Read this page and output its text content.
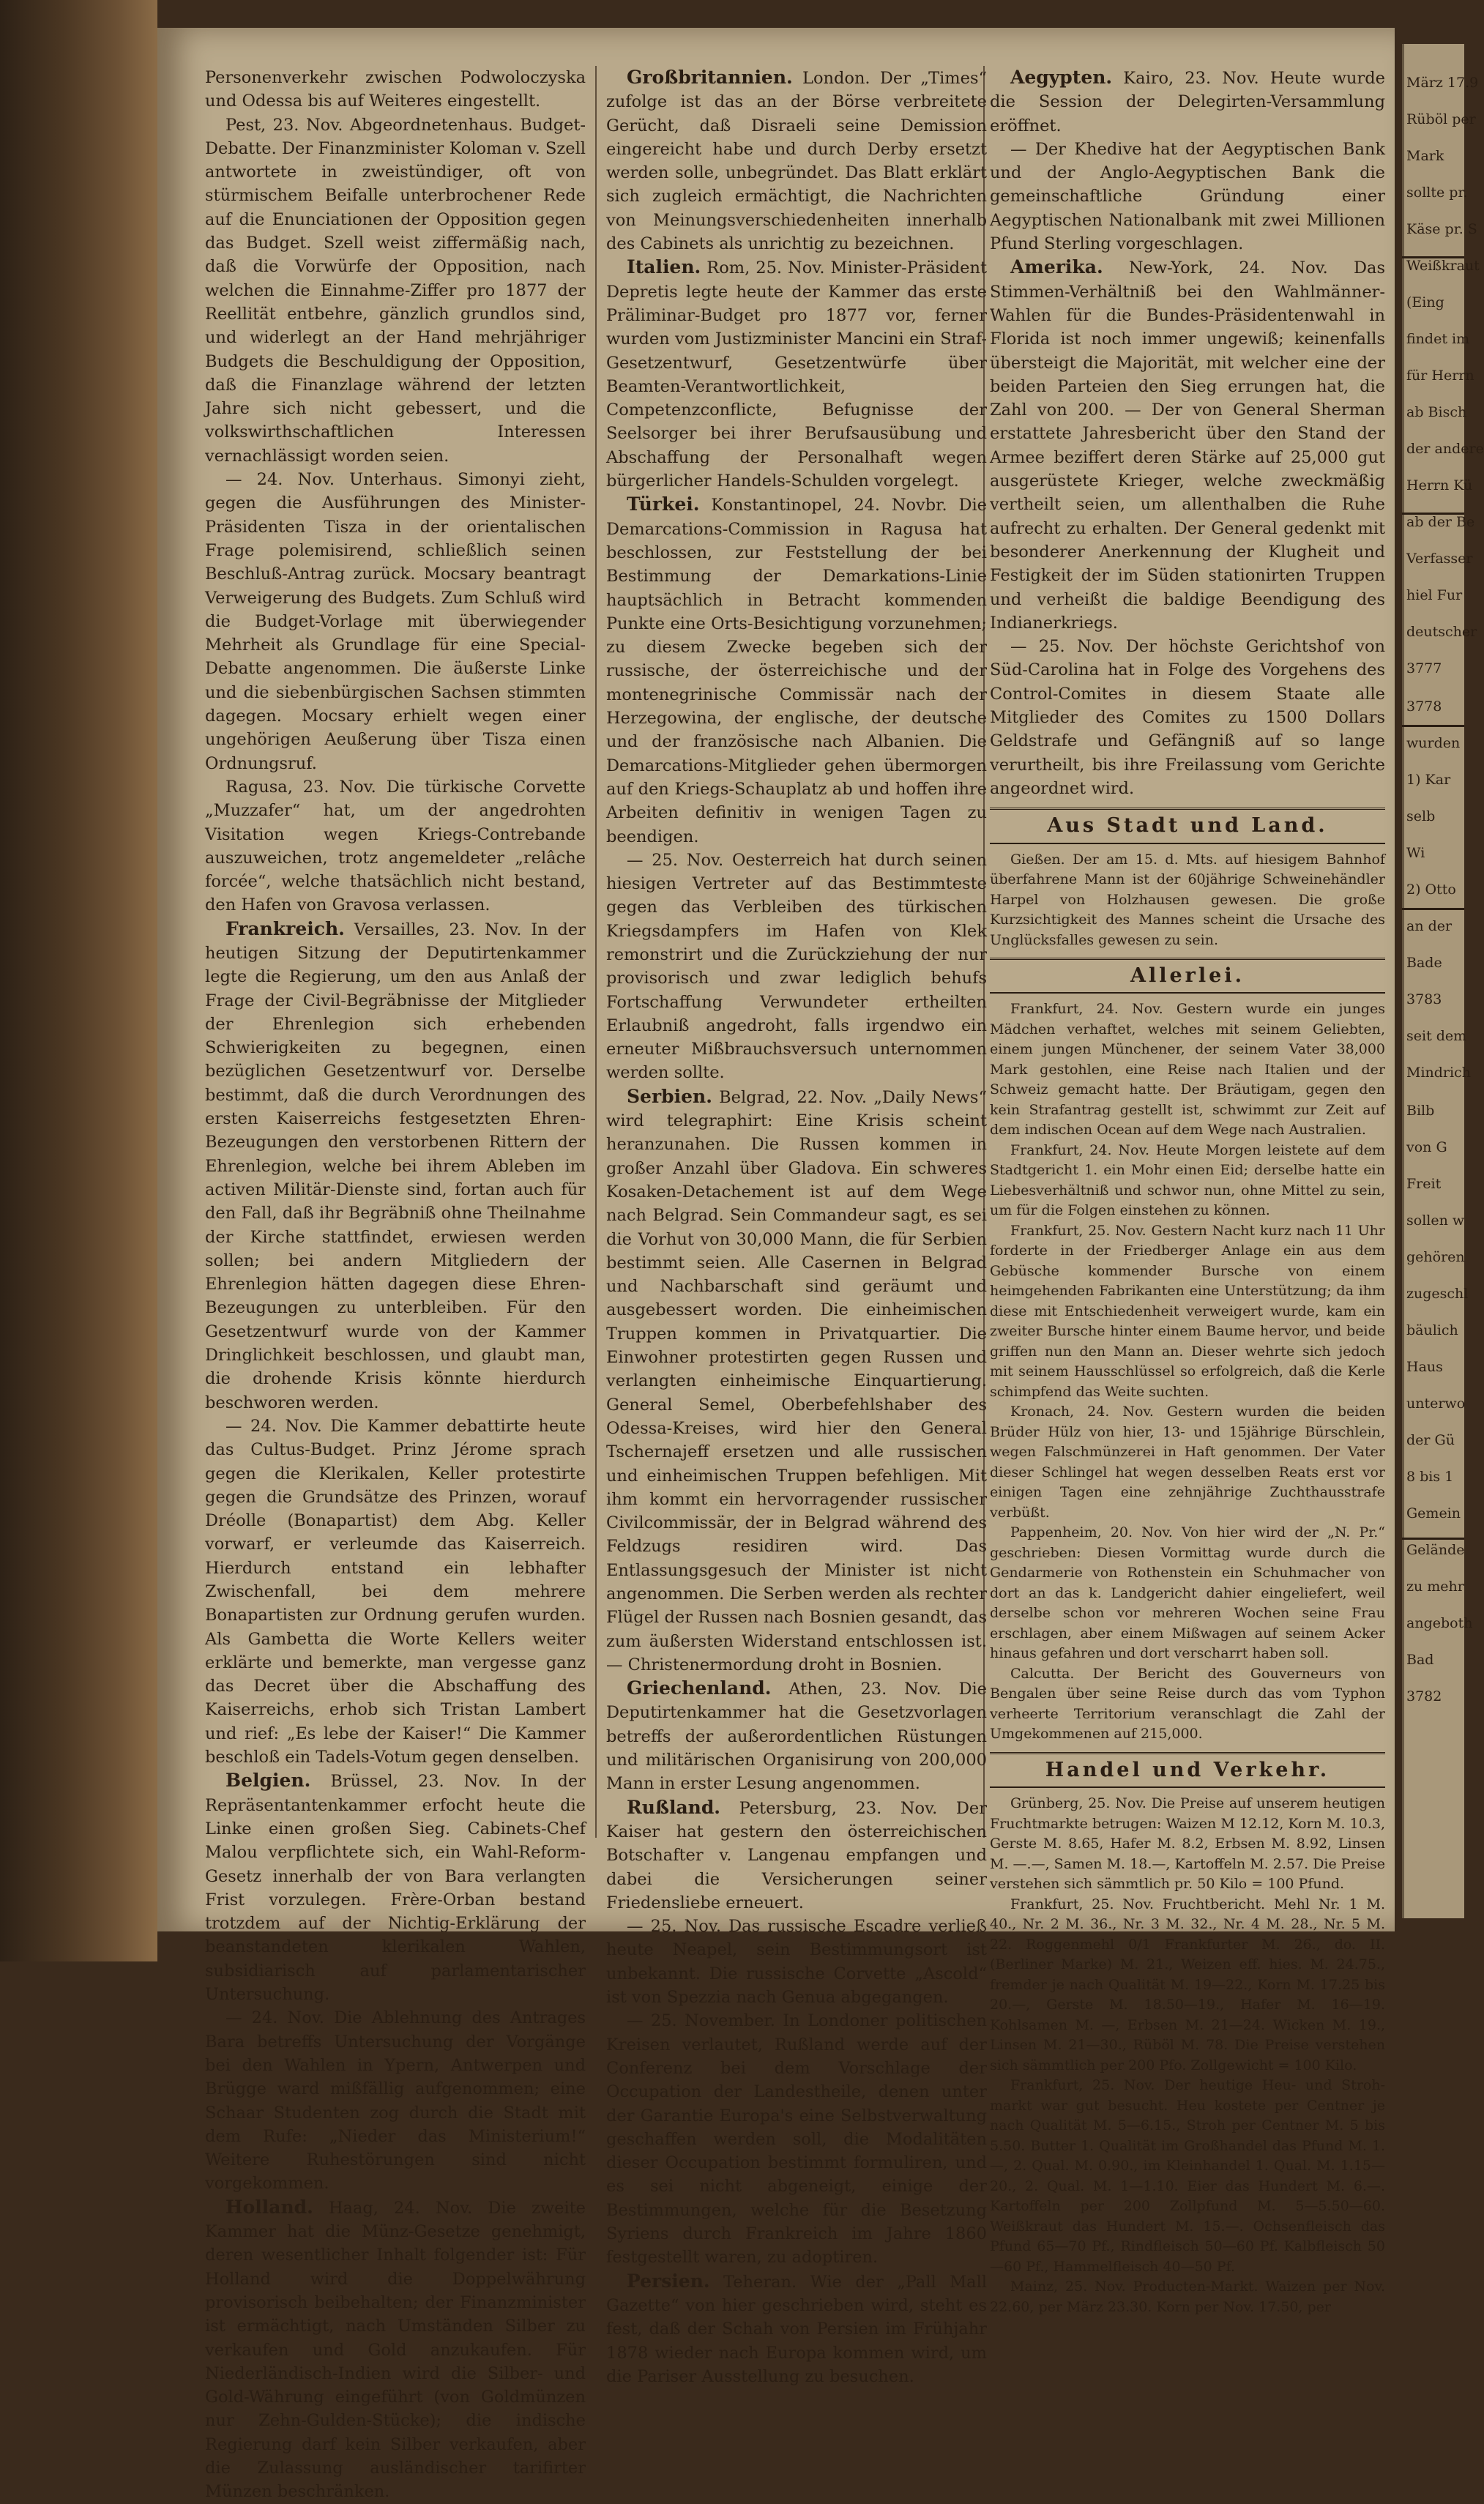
Personenverkehr zwischen Podwoloczyska und Odessa bis auf Weiteres eingestellt.

Pest, 23. Nov. Abgeordnetenhaus. Budget-Debatte. Der Finanzminister Koloman v. Szell antwortete in zweistündiger, oft von stürmischem Beifalle unterbrochener Rede auf die Enunciationen der Opposition gegen das Budget. Szell weist ziffermäßig nach, daß die Vorwürfe der Opposition, nach welchen die Einnahme-Ziffer pro 1877 der Reellität entbehre, gänzlich grundlos sind, und widerlegt an der Hand mehrjähriger Budgets die Beschuldigung der Opposition, daß die Finanzlage während der letzten Jahre sich nicht gebessert, und die volkswirthschaftlichen Interessen vernachlässigt worden seien.

— 24. Nov. Unterhaus. Simonyi zieht, gegen die Ausführungen des Minister-Präsidenten Tisza in der orientalischen Frage polemisirend, schließlich seinen Beschluß-Antrag zurück. Mocsary beantragt Verweigerung des Budgets. Zum Schluß wird die Budget-Vorlage mit überwiegender Mehrheit als Grundlage für eine Special-Debatte angenommen. Die äußerste Linke und die siebenbürgischen Sachsen stimmten dagegen. Mocsary erhielt wegen einer ungehörigen Aeußerung über Tisza einen Ordnungsruf.

Ragusa, 23. Nov. Die türkische Corvette „Muzzafer“ hat, um der angedrohten Visitation wegen Kriegs-Contrebande auszuweichen, trotz angemeldeter „relâche forcée“, welche thatsächlich nicht bestand, den Hafen von Gravosa verlassen.

Frankreich. Versailles, 23. Nov. In der heutigen Sitzung der Deputirtenkammer legte die Regierung, um den aus Anlaß der Frage der Civil-Begräbnisse der Mitglieder der Ehrenlegion sich erhebenden Schwierigkeiten zu begegnen, einen bezüglichen Gesetzentwurf vor. Derselbe bestimmt, daß die durch Verordnungen des ersten Kaiserreichs festgesetzten Ehren-Bezeugungen den verstorbenen Rittern der Ehrenlegion, welche bei ihrem Ableben im activen Militär-Dienste sind, fortan auch für den Fall, daß ihr Begräbniß ohne Theilnahme der Kirche stattfindet, erwiesen werden sollen; bei andern Mitgliedern der Ehrenlegion hätten dagegen diese Ehren-Bezeugungen zu unterbleiben. Für den Gesetzentwurf wurde von der Kammer Dringlichkeit beschlossen, und glaubt man, die drohende Krisis könnte hierdurch beschworen werden.

— 24. Nov. Die Kammer debattirte heute das Cultus-Budget. Prinz Jérome sprach gegen die Klerikalen, Keller protestirte gegen die Grundsätze des Prinzen, worauf Dréolle (Bonapartist) dem Abg. Keller vorwarf, er verleumde das Kaiserreich. Hierdurch entstand ein lebhafter Zwischenfall, bei dem mehrere Bonapartisten zur Ordnung gerufen wurden. Als Gambetta die Worte Kellers weiter erklärte und bemerkte, man vergesse ganz das Decret über die Abschaffung des Kaiserreichs, erhob sich Tristan Lambert und rief: „Es lebe der Kaiser!“ Die Kammer beschloß ein Tadels-Votum gegen denselben.

Belgien. Brüssel, 23. Nov. In der Repräsentantenkammer erfocht heute die Linke einen großen Sieg. Cabinets-Chef Malou verpflichtete sich, ein Wahl-Reform-Gesetz innerhalb der von Bara verlangten Frist vorzulegen. Frère-Orban bestand trotzdem auf der Nichtig-Erklärung der beanstandeten klerikalen Wahlen, subsidiarisch auf parlamentarischer Untersuchung.

— 24. Nov. Die Ablehnung des Antrages Bara betreffs Untersuchung der Vorgänge bei den Wahlen in Ypern, Antwerpen und Brügge ward mißfällig aufgenommen; eine Schaar Studenten zog durch die Stadt mit dem Rufe: „Nieder das Ministerium!“ Weitere Ruhestörungen sind nicht vorgekommen.

Holland. Haag, 24. Nov. Die zweite Kammer hat die Münz-Gesetze genehmigt, deren wesentlicher Inhalt folgender ist: Für Holland wird die Doppelwährung provisorisch beibehalten; der Finanzminister ist ermächtigt, nach Umständen Silber zu verkaufen und Gold anzukaufen. Für Niederländisch-Indien wird die Silber- und Gold-Währung eingeführt (von Goldmünzen nur Zehn-Gulden-Stücke); die indische Regierung darf kein Silber verkaufen, aber die Zulassung ausländischer tarifirter Münzen beschränken.

Großbritannien. London. Der „Times“ zufolge ist das an der Börse verbreitete Gerücht, daß Disraeli seine Demission eingereicht habe und durch Derby ersetzt werden solle, unbegründet. Das Blatt erklärt sich zugleich ermächtigt, die Nachrichten von Meinungsverschiedenheiten innerhalb des Cabinets als unrichtig zu bezeichnen.

Italien. Rom, 25. Nov. Minister-Präsident Depretis legte heute der Kammer das erste Präliminar-Budget pro 1877 vor, ferner wurden vom Justizminister Mancini ein Straf-Gesetzentwurf, Gesetzentwürfe über Beamten-Verantwortlichkeit, Competenzconflicte, Befugnisse der Seelsorger bei ihrer Berufsausübung und Abschaffung der Personalhaft wegen bürgerlicher Handels-Schulden vorgelegt.

Türkei. Konstantinopel, 24. Novbr. Die Demarcations-Commission in Ragusa hat beschlossen, zur Feststellung der bei Bestimmung der Demarkations-Linie hauptsächlich in Betracht kommenden Punkte eine Orts-Besichtigung vorzunehmen; zu diesem Zwecke begeben sich der russische, der österreichische und der montenegrinische Commissär nach der Herzegowina, der englische, der deutsche und der französische nach Albanien. Die Demarcations-Mitglieder gehen übermorgen auf den Kriegs-Schauplatz ab und hoffen ihre Arbeiten definitiv in wenigen Tagen zu beendigen.

— 25. Nov. Oesterreich hat durch seinen hiesigen Vertreter auf das Bestimmteste gegen das Verbleiben des türkischen Kriegsdampfers im Hafen von Klek remonstrirt und die Zurückziehung der nur provisorisch und zwar lediglich behufs Fortschaffung Verwundeter ertheilten Erlaubniß angedroht, falls irgendwo ein erneuter Mißbrauchsversuch unternommen werden sollte.

Serbien. Belgrad, 22. Nov. „Daily News“ wird telegraphirt: Eine Krisis scheint heranzunahen. Die Russen kommen in großer Anzahl über Gladova. Ein schweres Kosaken-Detachement ist auf dem Wege nach Belgrad. Sein Commandeur sagt, es sei die Vorhut von 30,000 Mann, die für Serbien bestimmt seien. Alle Casernen in Belgrad und Nachbarschaft sind geräumt und ausgebessert worden. Die einheimischen Truppen kommen in Privatquartier. Die Einwohner protestirten gegen Russen und verlangten einheimische Einquartierung. General Semel, Oberbefehlshaber des Odessa-Kreises, wird hier den General Tschernajeff ersetzen und alle russischen und einheimischen Truppen befehligen. Mit ihm kommt ein hervorragender russischer Civilcommissär, der in Belgrad während des Feldzugs residiren wird. Das Entlassungsgesuch der Minister ist nicht angenommen. Die Serben werden als rechter Flügel der Russen nach Bosnien gesandt, das zum äußersten Widerstand entschlossen ist. — Christenermordung droht in Bosnien.

Griechenland. Athen, 23. Nov. Die Deputirtenkammer hat die Gesetzvorlagen betreffs der außerordentlichen Rüstungen und militärischen Organisirung von 200,000 Mann in erster Lesung angenommen.

Rußland. Petersburg, 23. Nov. Der Kaiser hat gestern den österreichischen Botschafter v. Langenau empfangen und dabei die Versicherungen seiner Friedensliebe erneuert.

— 25. Nov. Das russische Escadre verließ heute Neapel, sein Bestimmungsort ist unbekannt. Die russische Corvette „Ascold“ ist von Spezzia nach Genua abgegangen.

— 25. November. In Londoner politischen Kreisen verlautet, Rußland werde auf der Conferenz bei dem Vorschlage der Occupation der Landestheile, denen unter der Garantie Europa's eine Selbstverwaltung geschaffen werden soll, die Modalitäten dieser Occupation bestimmt formuliren, und es sei nicht abgeneigt, einige der Bestimmungen, welche für die Besetzung Syriens durch Frankreich im Jahre 1860 festgestellt waren, zu adoptiren.

Persien. Teheran. Wie der „Pall Mall Gazette“ von hier geschrieben wird, steht es fest, daß der Schah von Persien im Frühjahr 1878 wieder nach Europa kommen wird, um die Pariser Ausstellung zu besuchen.

Aegypten. Kairo, 23. Nov. Heute wurde die Session der Delegirten-Versammlung eröffnet.

— Der Khedive hat der Aegyptischen Bank und der Anglo-Aegyptischen Bank die gemeinschaftliche Gründung einer Aegyptischen Nationalbank mit zwei Millionen Pfund Sterling vorgeschlagen.

Amerika. New-York, 24. Nov. Das Stimmen-Verhältniß bei den Wahlmänner-Wahlen für die Bundes-Präsidentenwahl in Florida ist noch immer ungewiß; keinenfalls übersteigt die Majorität, mit welcher eine der beiden Parteien den Sieg errungen hat, die Zahl von 200. — Der von General Sherman erstattete Jahresbericht über den Stand der Armee beziffert deren Stärke auf 25,000 gut ausgerüstete Krieger, welche zweckmäßig vertheilt seien, um allenthalben die Ruhe aufrecht zu erhalten. Der General gedenkt mit besonderer Anerkennung der Klugheit und Festigkeit der im Süden stationirten Truppen und verheißt die baldige Beendigung des Indianerkriegs.

— 25. Nov. Der höchste Gerichtshof von Süd-Carolina hat in Folge des Vorgehens des Control-Comites in diesem Staate alle Mitglieder des Comites zu 1500 Dollars Geldstrafe und Gefängniß auf so lange verurtheilt, bis ihre Freilassung vom Gerichte angeordnet wird.

Aus Stadt und Land.

Gießen. Der am 15. d. Mts. auf hiesigem Bahnhof überfahrene Mann ist der 60jährige Schweinehändler Harpel von Holzhausen gewesen. Die große Kurzsichtigkeit des Mannes scheint die Ursache des Unglücksfalles gewesen zu sein.

Allerlei.

Frankfurt, 24. Nov. Gestern wurde ein junges Mädchen verhaftet, welches mit seinem Geliebten, einem jungen Münchener, der seinem Vater 38,000 Mark gestohlen, eine Reise nach Italien und der Schweiz gemacht hatte. Der Bräutigam, gegen den kein Strafantrag gestellt ist, schwimmt zur Zeit auf dem indischen Ocean auf dem Wege nach Australien.

Frankfurt, 24. Nov. Heute Morgen leistete auf dem Stadtgericht 1. ein Mohr einen Eid; derselbe hatte ein Liebesverhältniß und schwor nun, ohne Mittel zu sein, um für die Folgen einstehen zu können.

Frankfurt, 25. Nov. Gestern Nacht kurz nach 11 Uhr forderte in der Friedberger Anlage ein aus dem Gebüsche kommender Bursche von einem heimgehenden Fabrikanten eine Unterstützung; da ihm diese mit Entschiedenheit verweigert wurde, kam ein zweiter Bursche hinter einem Baume hervor, und beide griffen nun den Mann an. Dieser wehrte sich jedoch mit seinem Hausschlüssel so erfolgreich, daß die Kerle schimpfend das Weite suchten.

Kronach, 24. Nov. Gestern wurden die beiden Brüder Hülz von hier, 13- und 15jährige Bürschlein, wegen Falschmünzerei in Haft genommen. Der Vater dieser Schlingel hat wegen desselben Reats erst vor einigen Tagen eine zehnjährige Zuchthausstrafe verbüßt.

Pappenheim, 20. Nov. Von hier wird der „N. Pr.“ geschrieben: Diesen Vormittag wurde durch die Gendarmerie von Rothenstein ein Schuhmacher von dort an das k. Landgericht dahier eingeliefert, weil derselbe schon vor mehreren Wochen seine Frau erschlagen, aber einem Mißwagen auf seinem Acker hinaus gefahren und dort verscharrt haben soll.

Calcutta. Der Bericht des Gouverneurs von Bengalen über seine Reise durch das vom Typhon verheerte Territorium veranschlagt die Zahl der Umgekommenen auf 215,000.

Handel und Verkehr.

Grünberg, 25. Nov. Die Preise auf unserem heutigen Fruchtmarkte betrugen: Waizen M 12.12, Korn M. 10.3, Gerste M. 8.65, Hafer M. 8.2, Erbsen M. 8.92, Linsen M. —.—, Samen M. 18.—, Kartoffeln M. 2.57. Die Preise verstehen sich sämmtlich pr. 50 Kilo = 100 Pfund.

Frankfurt, 25. Nov. Fruchtbericht. Mehl Nr. 1 M. 40., Nr. 2 M. 36., Nr. 3 M. 32., Nr. 4 M. 28., Nr. 5 M. 22. Roggenmehl 0/1 Frankfurter M. 26., do. II. (Berliner Marke) M. 21., Weizen eff. hies. M. 24.75., fremder je nach Qualität M. 19—22., Korn M. 17.25 bis 20.—, Gerste M. 18.50—19., Hafer M. 16—19. Kohlsamen M. —, Erbsen M. 21—24. Wicken M. 19., Linsen M. 21—30., Rüböl M. 78. Die Preise verstehen sich sämmtlich per 200 Pfo. Zollgewicht = 100 Kilo.

Frankfurt, 25. Nov. Der heutige Heu- und Stroh-markt war gut besucht. Heu kostete per Centner je nach Qualität M. 5—6.15., Stroh per Centner M. 5 bis 5.50. Butter 1. Qualität im Großhandel das Pfund M. 1.—, 2. Qual. M. 0.90., im Kleinhandel 1. Qual. M. 1.15—20., 2. Qual. M. 1—1.10. Eier das Hundert M. 6.—. Kartoffeln per 200 Zollpfund M. 5—5.50—60. Weißkraut das Hundert M. 15.—. Ochsenfleisch das Pfund 65—70 Pf., Rindfleisch 50—60 Pf. Kalbfleisch 50—60 Pf., Hammelfleisch 40—50 Pf.

Mainz, 25. Nov. Producten-Markt. Waizen per Nov. 22.60, per März 23.30. Korn per Nov. 17.50, per

März 17.9
Rüböl per
Mark
sollte pr.
Käse pr. S
Weißkraut
(Eing
findet im
für Herrn
ab Bisch
der andere
Herrn Kü
ab der Be
Verfasser
hiel Fur
deutscher
3777
3778
wurden
1) Kar
selb
Wi
2) Otto
an der
Bade
3783
seit dem
Mindrich
Bilb
von G
Freit
sollen w
gehören
zugeschl
bäulich
Haus
unterwo
der Gü
8 bis 1
Gemein
Gelände
zu mehr
angeboth
Bad
3782
